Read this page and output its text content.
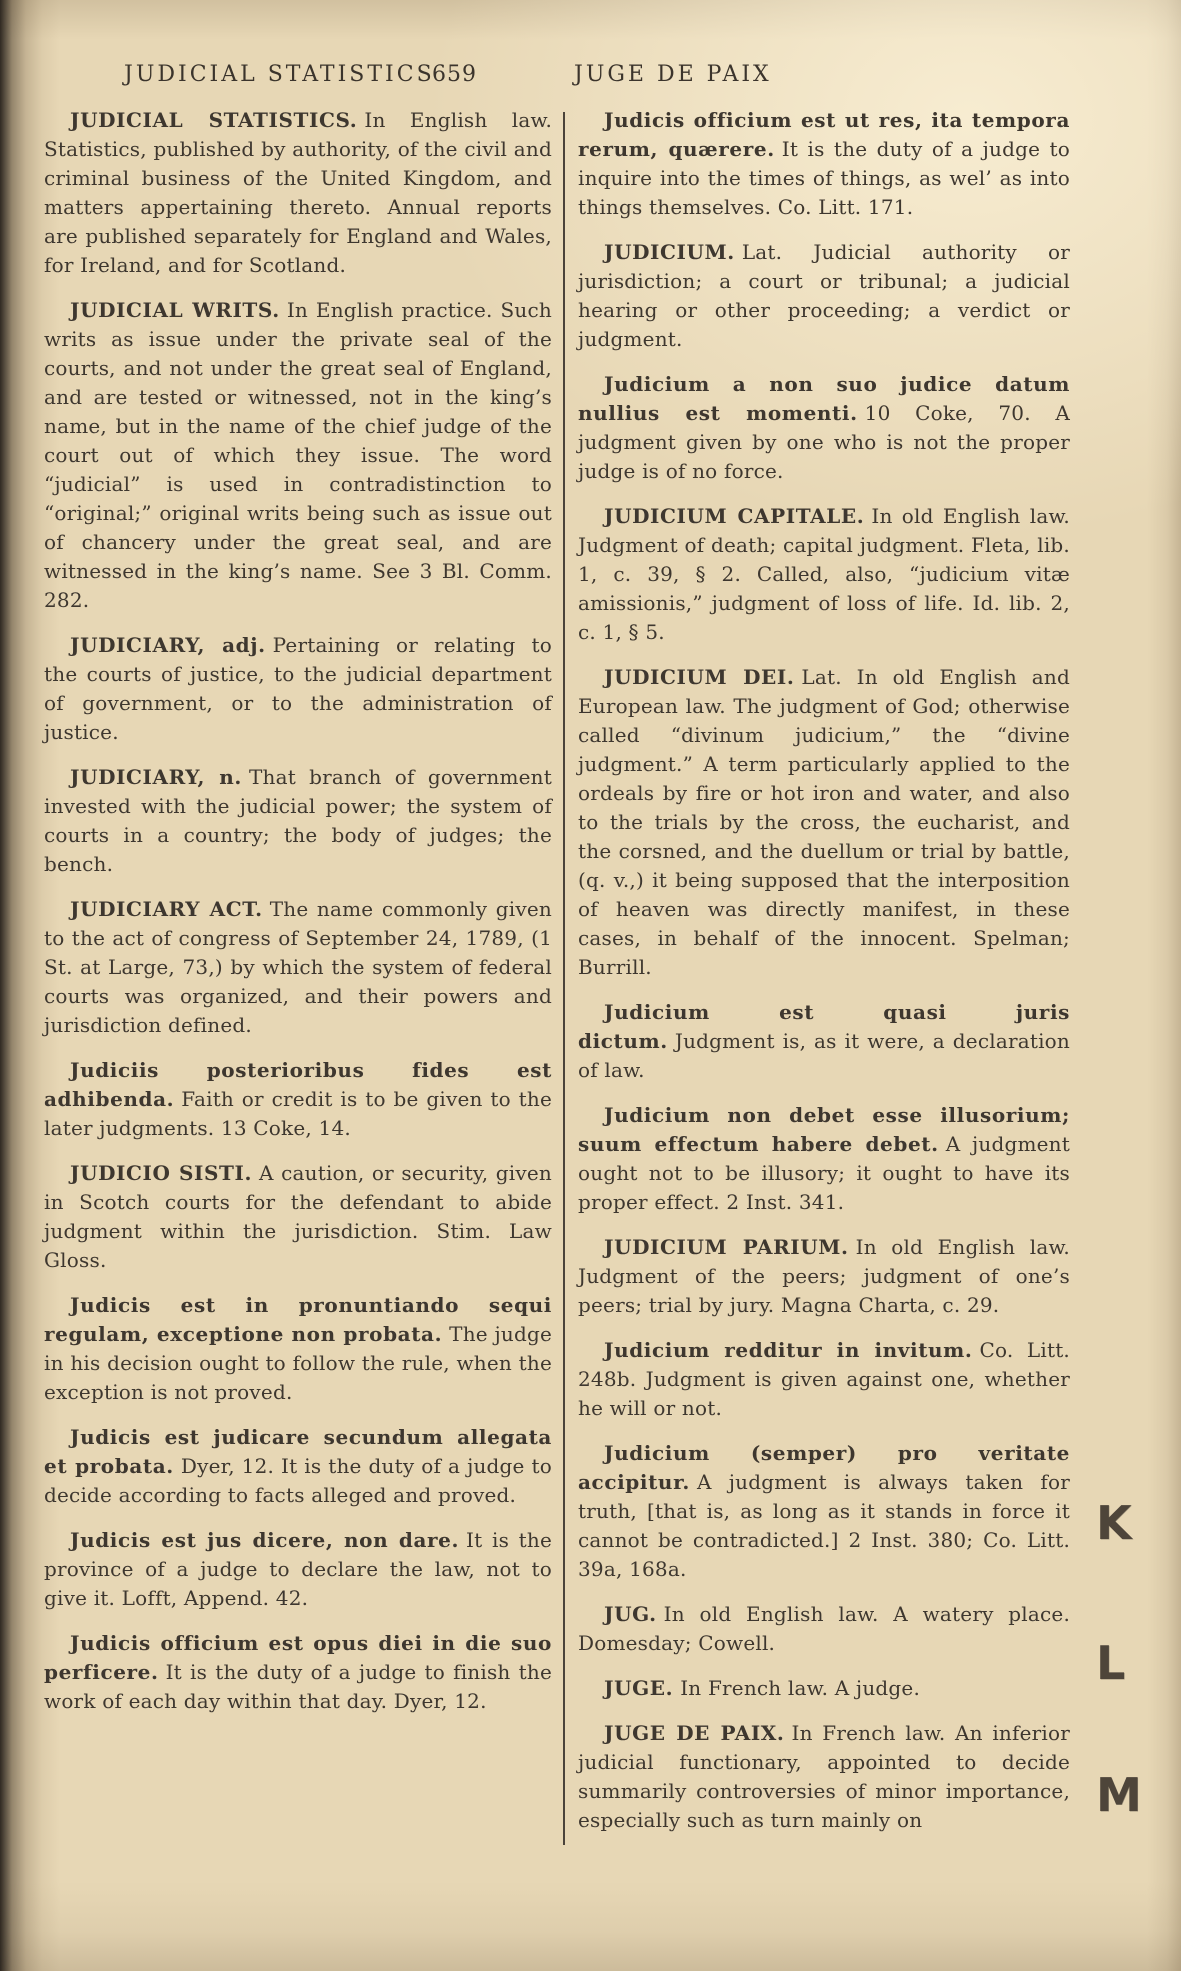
JUDICIAL STATISTICS
659	JUGE DE PAIX

JUDICIAL STATISTICS. In English law. Statistics, published by authority, of the civil and criminal business of the United Kingdom, and matters appertaining thereto. Annual reports are published separately for England and Wales, for Ireland, and for Scotland.

JUDICIAL WRITS. In English practice. Such writs as issue under the private seal of the courts, and not under the great seal of England, and are tested or witnessed, not in the king’s name, but in the name of the chief judge of the court out of which they issue. The word “judicial” is used in contradistinction to “original;” original writs being such as issue out of chancery under the great seal, and are witnessed in the king’s name. See 3 Bl. Comm. 282.

JUDICIARY, adj. Pertaining or relating to the courts of justice, to the judicial department of government, or to the administration of justice.

JUDICIARY, n. That branch of government invested with the judicial power; the system of courts in a country; the body of judges; the bench.

JUDICIARY ACT. The name commonly given to the act of congress of September 24, 1789, (1 St. at Large, 73,) by which the system of federal courts was organized, and their powers and jurisdiction defined.

Judiciis posterioribus fides est adhibenda. Faith or credit is to be given to the later judgments. 13 Coke, 14.

JUDICIO SISTI. A caution, or security, given in Scotch courts for the defendant to abide judgment within the jurisdiction. Stim. Law Gloss.

Judicis est in pronuntiando sequi regulam, exceptione non probata. The judge in his decision ought to follow the rule, when the exception is not proved.

Judicis est judicare secundum allegata et probata. Dyer, 12. It is the duty of a judge to decide according to facts alleged and proved.

Judicis est jus dicere, non dare. It is the province of a judge to declare the law, not to give it. Lofft, Append. 42.

Judicis officium est opus diei in die suo perficere. It is the duty of a judge to finish the work of each day within that day. Dyer, 12.

Judicis officium est ut res, ita tempora rerum, quærere. It is the duty of a judge to inquire into the times of things, as wel’ as into things themselves. Co. Litt. 171.

JUDICIUM. Lat. Judicial authority or jurisdiction; a court or tribunal; a judicial hearing or other proceeding; a verdict or judgment.

Judicium a non suo judice datum nullius est momenti. 10 Coke, 70. A judgment given by one who is not the proper judge is of no force.

JUDICIUM CAPITALE. In old English law. Judgment of death; capital judgment. Fleta, lib. 1, c. 39, § 2. Called, also, “judicium vitæ amissionis,” judgment of loss of life. Id. lib. 2, c. 1, § 5.

JUDICIUM DEI. Lat. In old English and European law. The judgment of God; otherwise called “divinum judicium,” the “divine judgment.” A term particularly applied to the ordeals by fire or hot iron and water, and also to the trials by the cross, the eucharist, and the corsned, and the duellum or trial by battle, (q. v.,) it being supposed that the interposition of heaven was directly manifest, in these cases, in behalf of the innocent. Spelman; Burrill.

Judicium est quasi juris dictum. Judgment is, as it were, a declaration of law.

Judicium non debet esse illusorium; suum effectum habere debet. A judgment ought not to be illusory; it ought to have its proper effect. 2 Inst. 341.

JUDICIUM PARIUM. In old English law. Judgment of the peers; judgment of one’s peers; trial by jury. Magna Charta, c. 29.

Judicium redditur in invitum. Co. Litt. 248b. Judgment is given against one, whether he will or not.

Judicium (semper) pro veritate accipitur. A judgment is always taken for truth, [that is, as long as it stands in force it cannot be contradicted.] 2 Inst. 380; Co. Litt. 39a, 168a.

JUG. In old English law. A watery place. Domesday; Cowell.

JUGE. In French law. A judge.

JUGE DE PAIX. In French law. An inferior judicial functionary, appointed to decide summarily controversies of minor importance, especially such as turn mainly on

K
L
M
